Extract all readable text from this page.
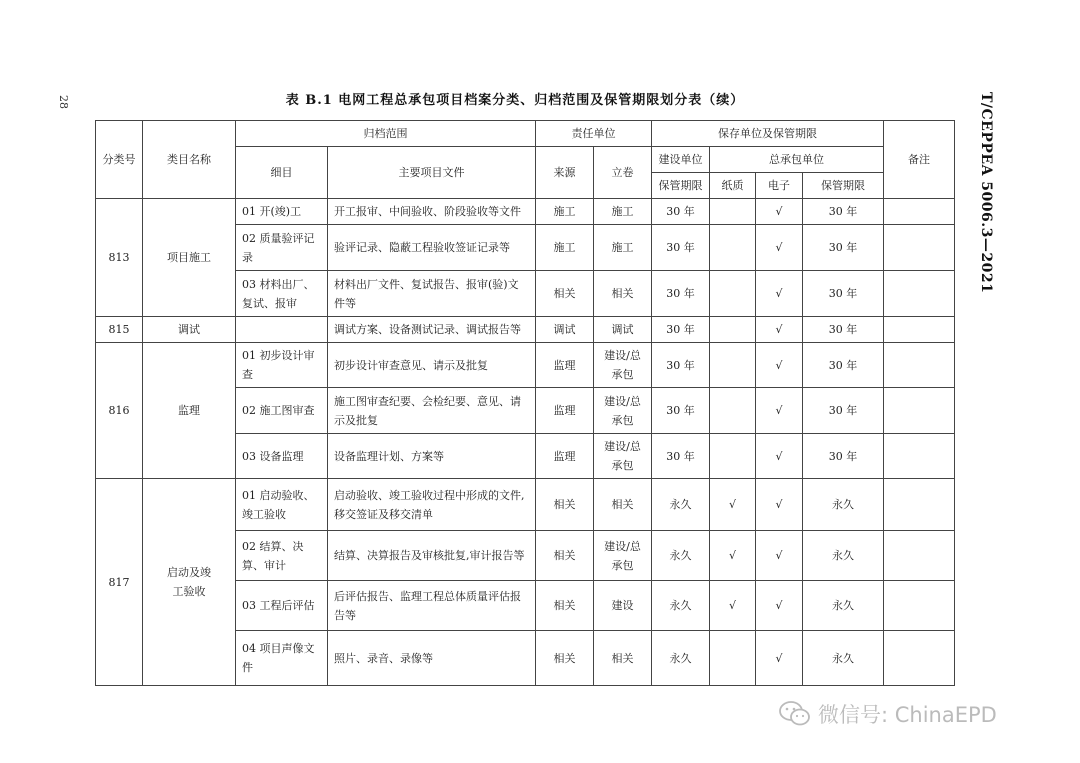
28	T/CEPPEA 5006.3—2021
表 B.1 电网工程总承包项目档案分类、归档范围及保管期限划分表（续）
分类号	类目名称	归档范围		责任单位		保存单位及保管期限				备注
		细目	主要项目文件	来源	立卷	建设单位	总承包单位			
						保管期限	纸质	电子	保管期限	
813	项目施工	01 开(竣)工	开工报审、中间验收、阶段验收等文件	施工	施工	30 年		√	30 年	
		02 质量验评记录	验评记录、隐蔽工程验收签证记录等	施工	施工	30 年		√	30 年	
		03 材料出厂、复试、报审	材料出厂文件、复试报告、报审(验)文件等	相关	相关	30 年		√	30 年	
815	调试		调试方案、设备测试记录、调试报告等	调试	调试	30 年		√	30 年	
816	监理	01 初步设计审查	初步设计审查意见、请示及批复	监理	建设/总承包	30 年		√	30 年	
		02 施工图审查	施工图审查纪要、会检纪要、意见、请示及批复	监理	建设/总承包	30 年		√	30 年	
		03 设备监理	设备监理计划、方案等	监理	建设/总承包	30 年		√	30 年	
817	启动及竣工验收	01 启动验收、竣工验收	启动验收、竣工验收过程中形成的文件,移交签证及移交清单	相关	相关	永久	√	√	永久	
		02 结算、决算、审计	结算、决算报告及审核批复,审计报告等	相关	建设/总承包	永久	√	√	永久	
		03 工程后评估	后评估报告、监理工程总体质量评估报告等	相关	建设	永久	√	√	永久	
		04 项目声像文件	照片、录音、录像等	相关	相关	永久		√	永久	
微信号: ChinaEPD
